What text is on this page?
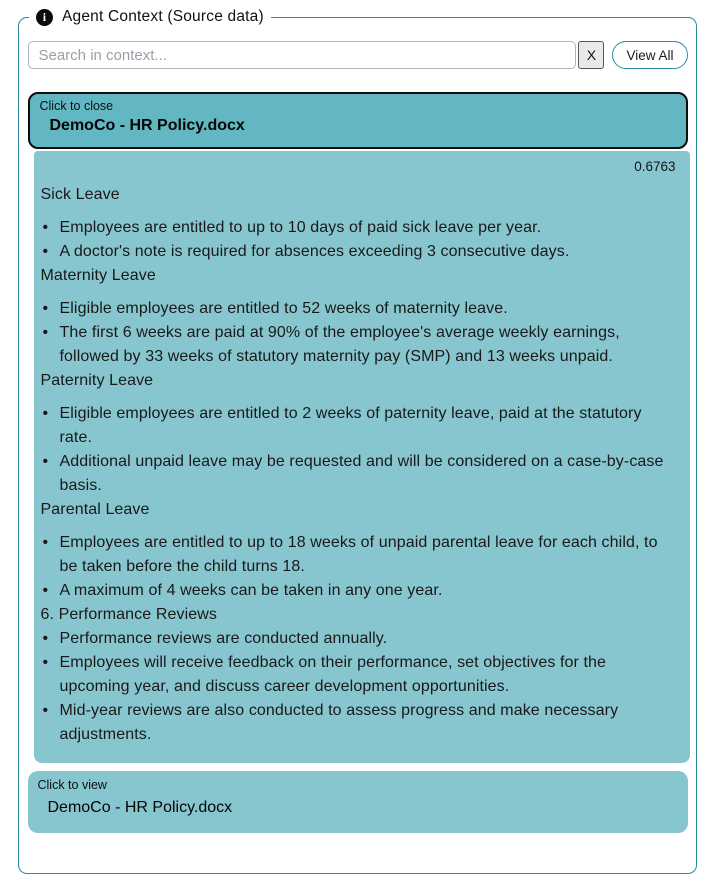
i	Agent Context (Source data)
Search in context...
X	View All
Click to close
DemoCo - HR Policy.docx
0.6763

Sick Leave

• Employees are entitled to up to 10 days of paid sick leave per year.
• A doctor's note is required for absences exceeding 3 consecutive days.

Maternity Leave

• Eligible employees are entitled to 52 weeks of maternity leave.
• The first 6 weeks are paid at 90% of the employee's average weekly earnings, followed by 33 weeks of statutory maternity pay (SMP) and 13 weeks unpaid.

Paternity Leave

• Eligible employees are entitled to 2 weeks of paternity leave, paid at the statutory rate.
• Additional unpaid leave may be requested and will be considered on a case-by-case basis.

Parental Leave

• Employees are entitled to up to 18 weeks of unpaid parental leave for each child, to be taken before the child turns 18.
• A maximum of 4 weeks can be taken in any one year.

6. Performance Reviews

• Performance reviews are conducted annually.
• Employees will receive feedback on their performance, set objectives for the upcoming year, and discuss career development opportunities.
• Mid-year reviews are also conducted to assess progress and make necessary adjustments.
Click to view
DemoCo - HR Policy.docx
